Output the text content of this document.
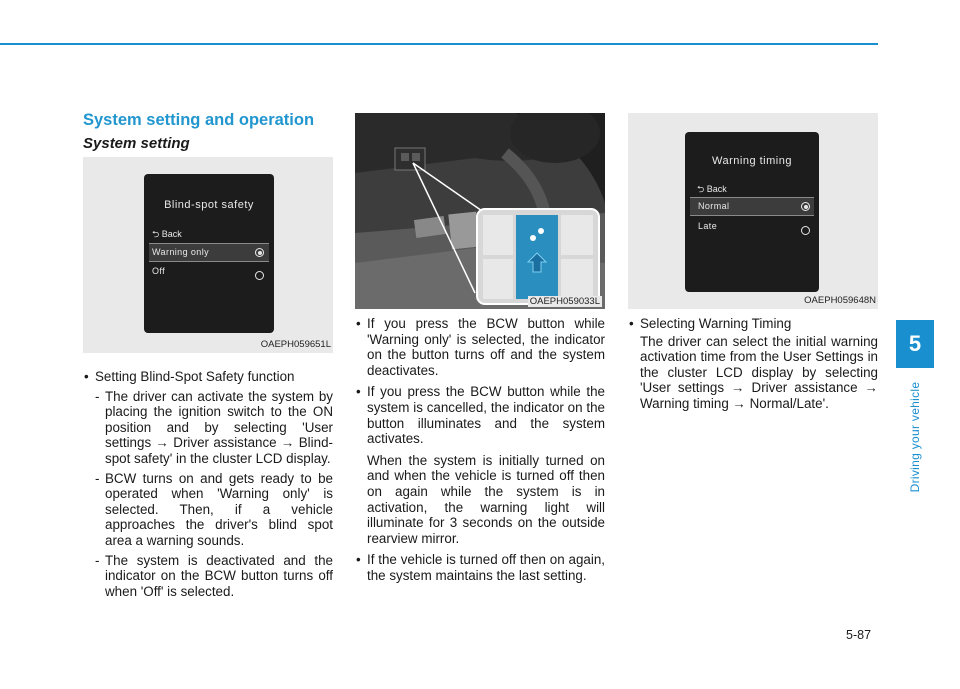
5
Driving your vehicle
System setting and operation
System setting
Blind-spot safety
⮌ Back
Warning only
Off
OAEPH059651L
OAEPH059033L
Warning timing
⮌ Back
Normal
Late
OAEPH059648N

• Setting Blind-Spot Safety function

- The driver can activate the system by placing the ignition switch to the ON position and by selecting 'User settings → Driver assistance → Blind-spot safety' in the cluster LCD display.

- BCW turns on and gets ready to be operated when 'Warning only' is selected. Then, if a vehicle approaches the driver's blind spot area a warning sounds.

- The system is deactivated and the indicator on the BCW button turns off when 'Off' is selected.

• If you press the BCW button while 'Warning only' is selected, the indicator on the button turns off and the system deactivates.

• If you press the BCW button while the system is cancelled, the indicator on the button illuminates and the system activates.

When the system is initially turned on and when the vehicle is turned off then on again while the system is in activation, the warning light will illuminate for 3 seconds on the outside rearview mirror.

• If the vehicle is turned off then on again, the system maintains the last setting.

• Selecting Warning Timing

The driver can select the initial warning activation time from the User Settings in the cluster LCD display by selecting 'User settings → Driver assistance → Warning timing → Normal/Late'.

5-87
